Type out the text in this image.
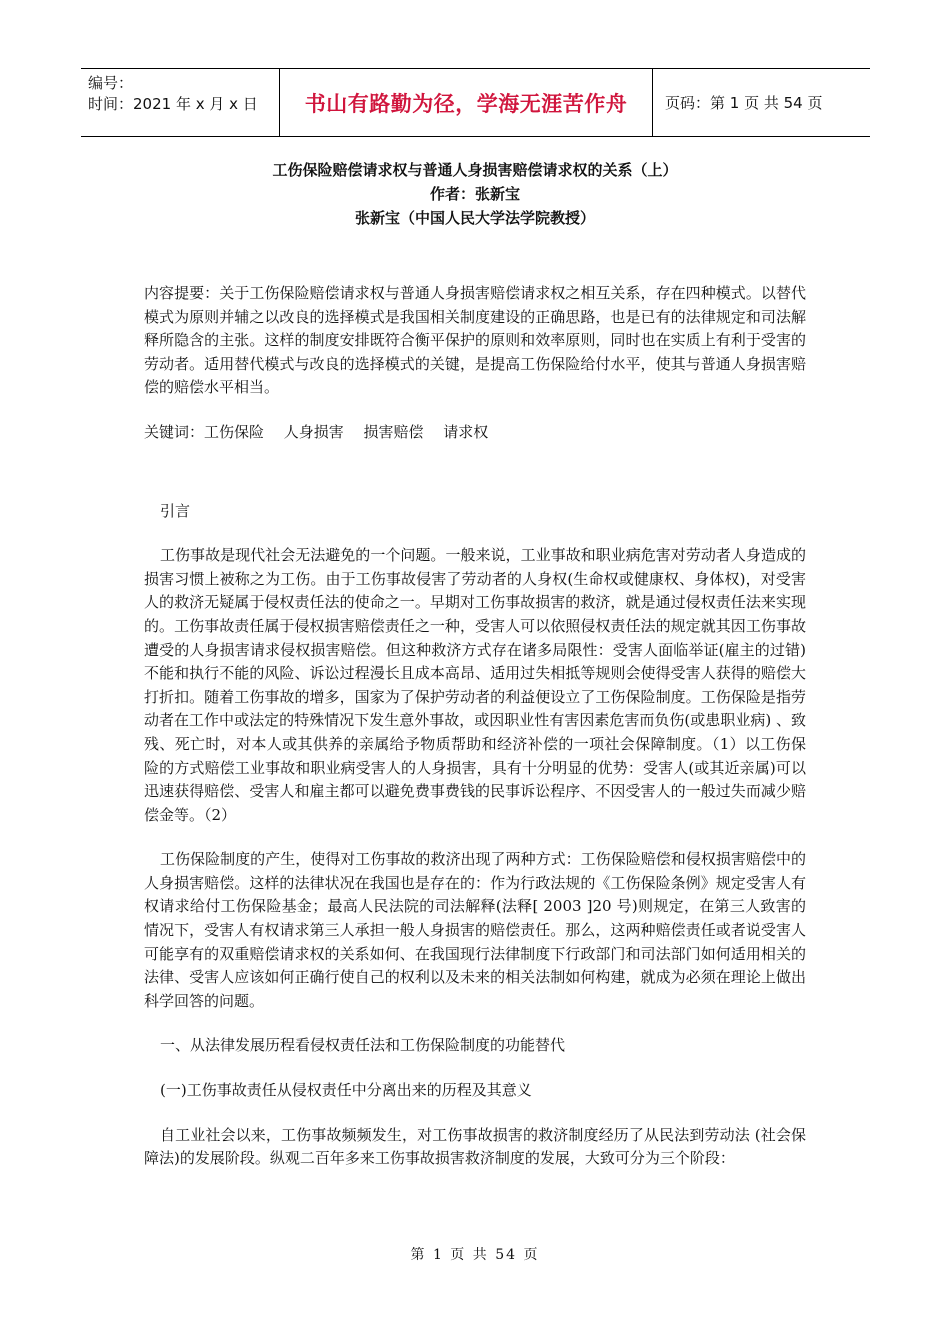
编号：
时间：2021 年 x 月 x 日	书山有路勤为径，学海无涯苦作舟	页码：第 1 页 共 54 页
工伤保险赔偿请求权与普通人身损害赔偿请求权的关系（上）
作者：张新宝
张新宝（中国人民大学法学院教授）

内容提要：关于工伤保险赔偿请求权与普通人身损害赔偿请求权之相互关系，存在四种模式。以替代模式为原则并辅之以改良的选择模式是我国相关制度建设的正确思路，也是已有的法律规定和司法解释所隐含的主张。这样的制度安排既符合衡平保护的原则和效率原则，同时也在实质上有利于受害的劳动者。适用替代模式与改良的选择模式的关键，是提高工伤保险给付水平，使其与普通人身损害赔偿的赔偿水平相当。

关键词：工伤保险　 人身损害　 损害赔偿　 请求权

引言

工伤事故是现代社会无法避免的一个问题。一般来说，工业事故和职业病危害对劳动者人身造成的损害习惯上被称之为工伤。由于工伤事故侵害了劳动者的人身权(生命权或健康权、身体权)，对受害人的救济无疑属于侵权责任法的使命之一。早期对工伤事故损害的救济，就是通过侵权责任法来实现的。工伤事故责任属于侵权损害赔偿责任之一种，受害人可以依照侵权责任法的规定就其因工伤事故遭受的人身损害请求侵权损害赔偿。但这种救济方式存在诸多局限性：受害人面临举证(雇主的过错)不能和执行不能的风险、诉讼过程漫长且成本高昂、适用过失相抵等规则会使得受害人获得的赔偿大打折扣。随着工伤事故的增多，国家为了保护劳动者的利益便设立了工伤保险制度。工伤保险是指劳动者在工作中或法定的特殊情况下发生意外事故，或因职业性有害因素危害而负伤(或患职业病) 、致残、死亡时，对本人或其供养的亲属给予物质帮助和经济补偿的一项社会保障制度。（1）以工伤保险的方式赔偿工业事故和职业病受害人的人身损害，具有十分明显的优势：受害人(或其近亲属)可以迅速获得赔偿、受害人和雇主都可以避免费事费钱的民事诉讼程序、不因受害人的一般过失而减少赔偿金等。（2）

工伤保险制度的产生，使得对工伤事故的救济出现了两种方式：工伤保险赔偿和侵权损害赔偿中的人身损害赔偿。这样的法律状况在我国也是存在的：作为行政法规的《工伤保险条例》规定受害人有权请求给付工伤保险基金；最高人民法院的司法解释(法释[ 2003 ]20 号)则规定，在第三人致害的情况下，受害人有权请求第三人承担一般人身损害的赔偿责任。那么，这两种赔偿责任或者说受害人可能享有的双重赔偿请求权的关系如何、在我国现行法律制度下行政部门和司法部门如何适用相关的法律、受害人应该如何正确行使自己的权利以及未来的相关法制如何构建，就成为必须在理论上做出科学回答的问题。

一、从法律发展历程看侵权责任法和工伤保险制度的功能替代

(一)工伤事故责任从侵权责任中分离出来的历程及其意义

自工业社会以来，工伤事故频频发生，对工伤事故损害的救济制度经历了从民法到劳动法 (社会保障法)的发展阶段。纵观二百年多来工伤事故损害救济制度的发展，大致可分为三个阶段：

第 1 页 共 54 页
